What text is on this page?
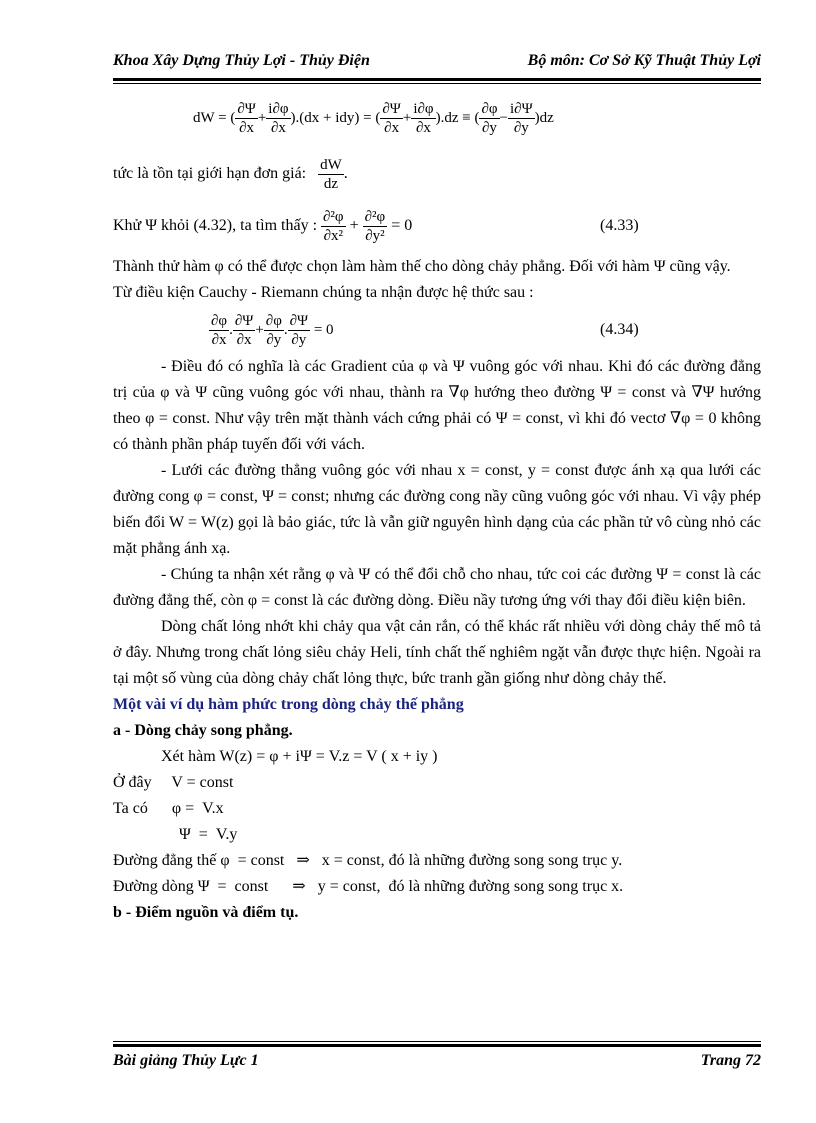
Khoa Xây Dựng Thủy Lợi - Thủy Điện	Bộ môn: Cơ Sở Kỹ Thuật Thủy Lợi
dW = ( $\frac{\partial\Psi}{\partial x} + \frac{i\partial\varphi}{\partial x} ).(dx + idy)$ = ( $\frac{\partial\Psi}{\partial x} + \frac{i\partial\varphi}{\partial x} ).dz$ ≡ ( $\frac{\partial\varphi}{\partial y} - \frac{i\partial\Psi}{\partial y} )dz$
tức là tồn tại giới hạn đơn giá: $\frac{dW}{dz}$ .
Khử Ψ khỏi (4.32), ta tìm thấy : $\frac{\text{∂²φ}}{\text{∂x²}} + \frac{\text{∂²φ}}{\text{∂y²}} = 0$	(4.33)

Thành thử hàm φ có thể được chọn làm hàm thế cho dòng chảy phẳng. Đối với hàm Ψ cũng vậy.

Từ điều kiện Cauchy - Riemann chúng ta nhận được hệ thức sau :

$\frac{\partial\varphi}{\partial x}$ . $\frac{\partial\Psi}{\partial x} + \frac{\partial\varphi}{\partial y}$ . $\frac{\partial\Psi}{\partial y} = 0$	(4.34)

- Điều đó có nghĩa là các Gradient của φ và Ψ vuông góc với nhau. Khi đó các đường đẳng trị của φ và Ψ cũng vuông góc với nhau, thành ra ∇φ hướng theo đường Ψ = const và ∇Ψ hướng theo φ = const. Như vậy trên mặt thành vách cứng phải có Ψ = const, vì khi đó vectơ ∇φ = 0 không có thành phần pháp tuyến đối với vách.

- Lưới các đường thẳng vuông góc với nhau x = const, y = const được ánh xạ qua lưới các đường cong φ = const, Ψ = const; nhưng các đường cong nầy cũng vuông góc với nhau. Vì vậy phép biến đổi W = W(z) gọi là bảo giác, tức là vẫn giữ nguyên hình dạng của các phần tử vô cùng nhỏ các mặt phẳng ánh xạ.

- Chúng ta nhận xét rằng φ và Ψ có thể đổi chỗ cho nhau, tức coi các đường Ψ = const là các đường đẳng thế, còn φ = const là các đường dòng. Điều nầy tương ứng với thay đổi điều kiện biên.

Dòng chất lỏng nhớt khi chảy qua vật cản rắn, có thể khác rất nhiều với dòng chảy thế mô tả ở đây. Nhưng trong chất lỏng siêu chảy Heli, tính chất thế nghiêm ngặt vẫn được thực hiện. Ngoài ra tại một số vùng của dòng chảy chất lỏng thực, bức tranh gần giống như dòng chảy thế.

Một vài ví dụ hàm phức trong dòng chảy thế phẳng
a - Dòng chảy song phẳng.
Xét hàm W(z) = φ + iΨ = V.z = V ( x + iy )
Ở đây     V = const
Ta có      φ =  V.x
Ψ  =  V.y
Đường đẳng thế φ  = const   ⇒   x = const, đó là những đường song song trục y.
Đường dòng Ψ  =  const      ⇒   y = const,  đó là những đường song song trục x.
b - Điểm nguồn và điểm tụ.
Bài giảng Thủy Lực 1	Trang 72
